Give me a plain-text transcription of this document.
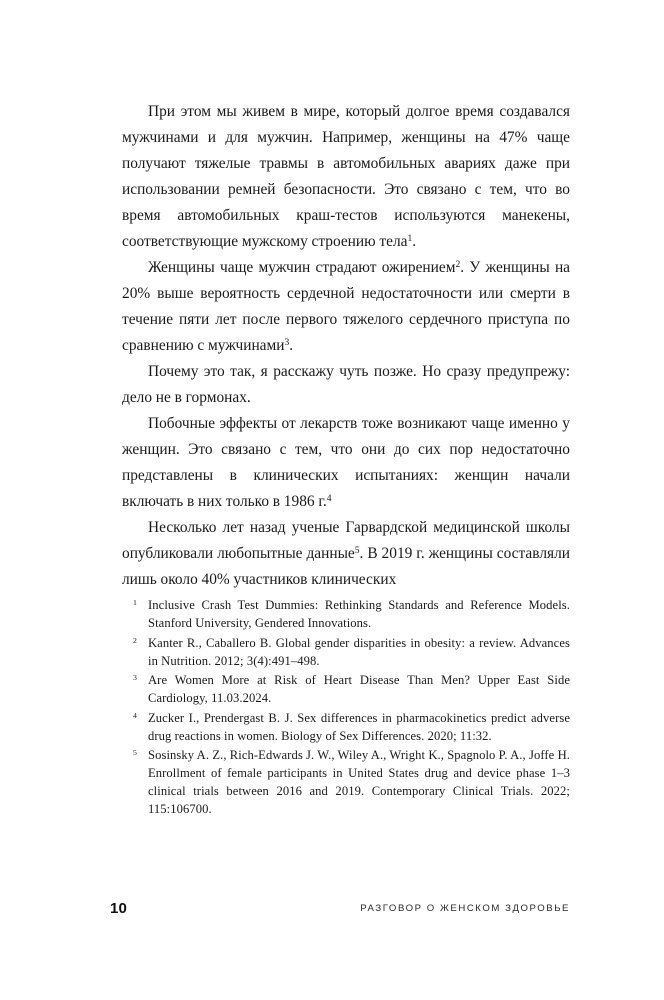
При этом мы живем в мире, который долгое время создавался мужчинами и для мужчин. Например, женщины на 47% чаще получают тяжелые травмы в автомобильных авариях даже при использовании ремней безопасности. Это связано с тем, что во время автомобильных краш-тестов используются манекены, соответствующие мужскому строению тела$^1$.

Женщины чаще мужчин страдают ожирением$^2$. У женщины на 20% выше вероятность сердечной недостаточности или смерти в течение пяти лет после первого тяжелого сердечного приступа по сравнению с мужчинами$^3$.

Почему это так, я расскажу чуть позже. Но сразу предупрежу: дело не в гормонах.

Побочные эффекты от лекарств тоже возникают чаще именно у женщин. Это связано с тем, что они до сих пор недостаточно представлены в клинических испытаниях: женщин начали включать в них только в 1986 г.$^4$

Несколько лет назад ученые Гарвардской медицинской школы опубликовали любопытные данные$^5$. В 2019 г. женщины составляли лишь около 40% участников клинических

1 Inclusive Crash Test Dummies: Rethinking Standards and Reference Models. Stanford University, Gendered Innovations.
2 Kanter R., Caballero B. Global gender disparities in obesity: a review. Advances in Nutrition. 2012; 3(4):491–498.
3 Are Women More at Risk of Heart Disease Than Men? Upper East Side Cardiology, 11.03.2024.
4 Zucker I., Prendergast B. J. Sex differences in pharmacokinetics predict adverse drug reactions in women. Biology of Sex Differences. 2020; 11:32.
5 Sosinsky A. Z., Rich-Edwards J. W., Wiley A., Wright K., Spagnolo P. A., Joffe H. Enrollment of female participants in United States drug and device phase 1–3 clinical trials between 2016 and 2019. Contemporary Clinical Trials. 2022; 115:106700.
10	РАЗГОВОР О ЖЕНСКОМ ЗДОРОВЬЕ
